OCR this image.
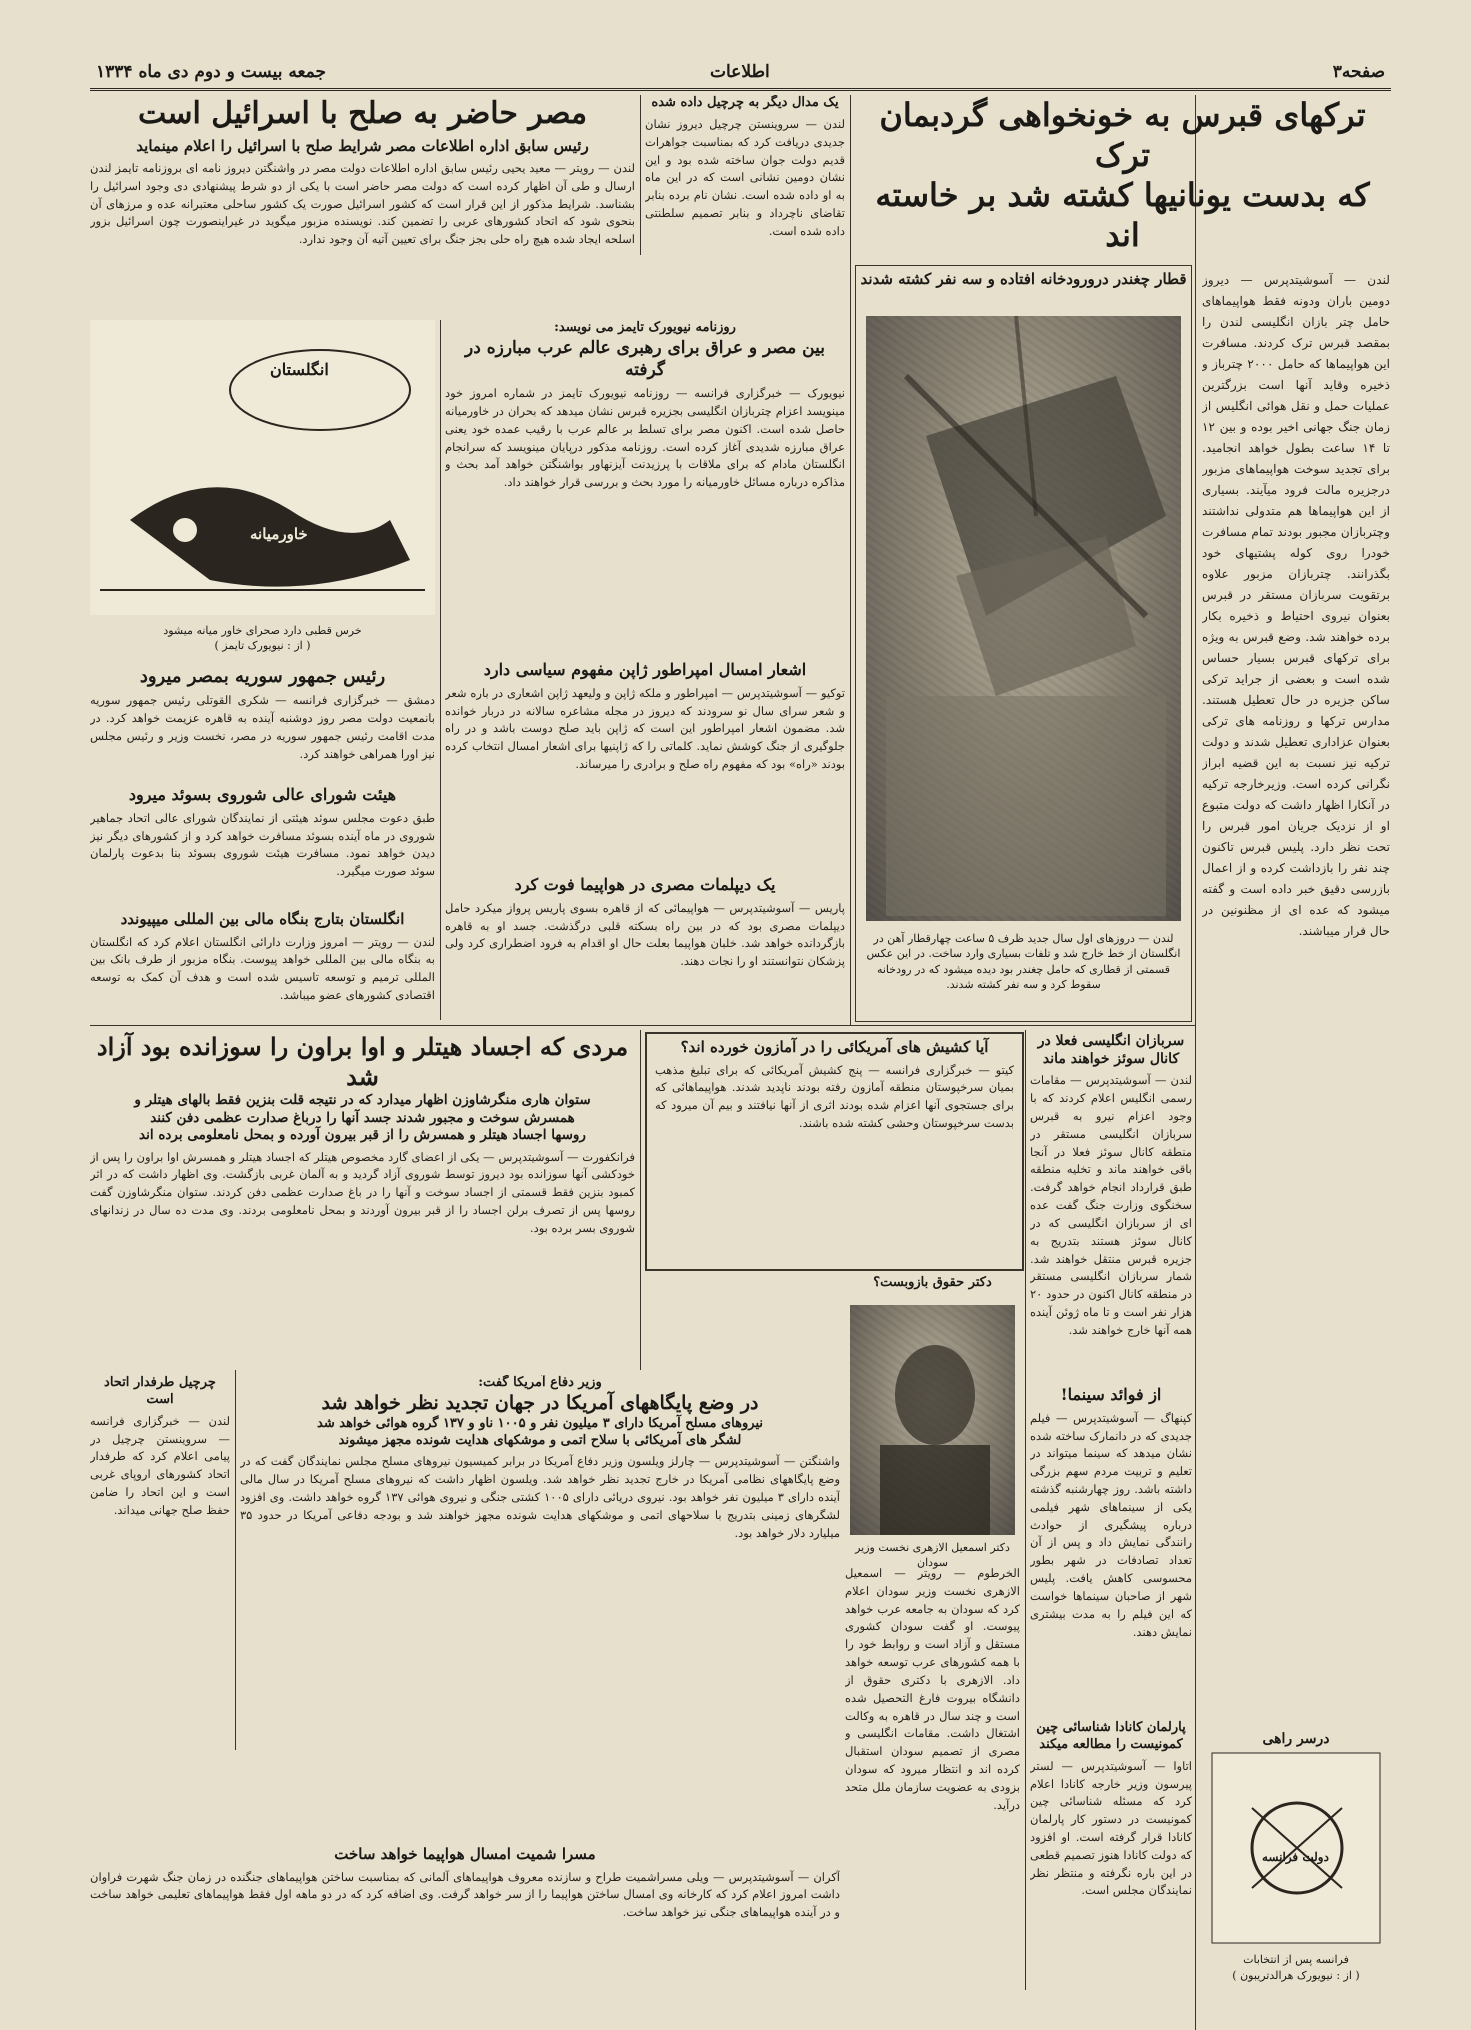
جمعه بیست و دوم دی ماه ۱۳۳۴	اطلاعات	صفحه۳
ترکهای قبرس به خونخواهی گردبمان ترک
که بدست یونانیها کشته شد بر خاسته اند
لندن — آسوشیتدپرس — دیروز دومین باران ودونه فقط هواپیماهای حامل چتر بازان انگلیسی لندن را بمقصد قبرس ترک کردند. مسافرت این هواپیماها که حامل ۲۰۰۰ چترباز و ذخیره وقاید آنها است بزرگترین عملیات حمل و نقل هوائی انگلیس از زمان جنگ جهانی اخیر بوده و بین ۱۲ تا ۱۴ ساعت بطول خواهد انجامید. برای تجدید سوخت هواپیماهای مزبور درجزیره مالت فرود میآیند. بسیاری از این هواپیماها هم متدولی نداشتند وچتربازان مجبور بودند تمام مسافرت خودرا روی کوله پشتیهای خود بگذرانند. چتربازان مزبور علاوه برتقویت سربازان مستقر در قبرس بعنوان نیروی احتیاط و ذخیره بکار برده خواهند شد. وضع قبرس به ویژه برای ترکهای قبرس بسیار حساس شده است و بعضی از جراید ترکی ساکن جزیره در حال تعطیل هستند. مدارس ترکها و روزنامه های ترکی بعنوان عزاداری تعطیل شدند و دولت ترکیه نیز نسبت به این قضیه ابراز نگرانی کرده است. وزیرخارجه ترکیه در آنکارا اظهار داشت که دولت متبوع او از نزدیک جریان امور قبرس را تحت نظر دارد. پلیس قبرس تاکنون چند نفر را بازداشت کرده و از اعمال بازرسی دقیق خبر داده است و گفته میشود که عده ای از مظنونین در حال فرار میباشند.
قطار چغندر درورودخانه افتاده و سه نفر کشته شدند
لندن — دروزهای اول سال جدید ظرف ۵ ساعت چهارقطار آهن در انگلستان از خط خارج شد و تلفات بسیاری وارد ساخت. در این عکس قسمتی از قطاری که حامل چغندر بود دیده میشود که در رودخانه سقوط کرد و سه نفر کشته شدند.
یک مدال دیگر به چرچیل داده شده
لندن — سروینستن چرچیل دیروز نشان جدیدی دریافت کرد که بمناسبت جواهرات قدیم دولت جوان ساخته شده بود و این نشان دومین نشانی است که در این ماه به او داده شده است. نشان نام برده بنابر تقاضای ناچرداد و بنابر تصمیم سلطنتی داده شده است.
مصر حاضر به صلح با اسرائیل است
رئیس سابق اداره اطلاعات مصر شرایط صلح با اسرائیل را اعلام مینماید
لندن — رویتر — معید یحیی رئیس سابق اداره اطلاعات دولت مصر در واشنگتن دیروز نامه ای بروزنامه تایمز لندن ارسال و طی آن اظهار کرده است که دولت مصر حاضر است با یکی از دو شرط پیشنهادی دی وجود اسرائیل را بشناسد. شرایط مذکور از این قرار است که کشور اسرائیل صورت یک کشور ساحلی معتبرانه عده و مرزهای آن بنحوی شود که اتحاد کشورهای عربی را تضمین کند. نویسنده مزبور میگوید در غیراینصورت چون اسرائیل بزور اسلحه ایجاد شده هیچ راه حلی بجز جنگ برای تعیین آتیه آن وجود ندارد.
انگلستان
خاورمیانه
خرس قطبی دارد صحرای خاور میانه میشود
( از : نیویورک تایمز )
روزنامه نیویورک تایمز می نویسد:
بین مصر و عراق برای رهبری عالم عرب مبارزه در گرفته
نیویورک — خبرگزاری فرانسه — روزنامه نیویورک تایمز در شماره امروز خود مینویسد اعزام چتربازان انگلیسی بجزیره قبرس نشان میدهد که بحران در خاورمیانه حاصل شده است. اکنون مصر برای تسلط بر عالم عرب با رقیب عمده خود یعنی عراق مبارزه شدیدی آغاز کرده است. روزنامه مذکور درپایان مینویسد که سرانجام انگلستان مادام که برای ملاقات با پرزیدنت آیزنهاور بواشنگتن خواهد آمد بحث و مذاکره درباره مسائل خاورمیانه را مورد بحث و بررسی قرار خواهند داد.
اشعار امسال امپراطور ژاپن مفهوم سیاسی دارد
توکیو — آسوشیتدپرس — امپراطور و ملکه ژاپن و ولیعهد ژاپن اشعاری در باره شعر و شعر سرای سال نو سرودند که دیروز در مجله مشاعره سالانه در دربار خوانده شد. مضمون اشعار امپراطور این است که ژاپن باید صلح دوست باشد و در راه جلوگیری از جنگ کوشش نماید. کلماتی را که ژاپنیها برای اشعار امسال انتخاب کرده بودند «راه» بود که مفهوم راه صلح و برادری را میرساند.
یک دیپلمات مصری در هواپیما فوت کرد
پاریس — آسوشیتدپرس — هواپیمائی که از قاهره بسوی پاریس پرواز میکرد حامل دیپلمات مصری بود که در بین راه بسکته قلبی درگذشت. جسد او به قاهره بازگردانده خواهد شد. خلبان هواپیما بعلت حال او اقدام به فرود اضطراری کرد ولی پزشکان نتوانستند او را نجات دهند.
رئیس جمهور سوریه بمصر میرود
دمشق — خبرگزاری فرانسه — شکری القوتلی رئیس جمهور سوریه بانمعیت دولت مصر روز دوشنبه آینده به قاهره عزیمت خواهد کرد. در مدت اقامت رئیس جمهور سوریه در مصر، نخست وزیر و رئیس مجلس نیز اورا همراهی خواهند کرد.
هیئت شورای عالی شوروی بسوئد میرود
طبق دعوت مجلس سوئد هیئتی از نمایندگان شورای عالی اتحاد جماهیر شوروی در ماه آینده بسوئد مسافرت خواهد کرد و از کشورهای دیگر نیز دیدن خواهد نمود. مسافرت هیئت شوروی بسوئد بنا بدعوت پارلمان سوئد صورت میگیرد.
انگلستان بتارج بنگاه مالی بین المللی میپیوندد
لندن — رویتر — امروز وزارت دارائی انگلستان اعلام کرد که انگلستان به بنگاه مالی بین المللی خواهد پیوست. بنگاه مزبور از طرف بانک بین المللی ترمیم و توسعه تاسیس شده است و هدف آن کمک به توسعه اقتصادی کشورهای عضو میباشد.
مردی که اجساد هیتلر و اوا براون را سوزانده بود آزاد شد
ستوان هاری منگرشاوزن اظهار میدارد که در نتیجه قلت بنزین فقط بالهای هیتلر و
همسرش سوخت و مجبور شدند جسد آنها را درباغ صدارت عظمی دفن کنند
روسها اجساد هیتلر و همسرش را از قبر بیرون آورده و بمحل نامعلومی برده اند
فرانکفورت — آسوشیتدپرس — یکی از اعضای گارد مخصوص هیتلر که اجساد هیتلر و همسرش اوا براون را پس از خودکشی آنها سوزانده بود دیروز توسط شوروی آزاد گردید و به آلمان غربی بازگشت. وی اظهار داشت که در اثر کمبود بنزین فقط قسمتی از اجساد سوخت و آنها را در باغ صدارت عظمی دفن کردند. ستوان منگرشاوزن گفت روسها پس از تصرف برلن اجساد را از قبر بیرون آوردند و بمحل نامعلومی بردند. وی مدت ده سال در زندانهای شوروی بسر برده بود.
آیا کشیش های آمریکائی را در آمازون خورده اند؟
کیتو — خبرگزاری فرانسه — پنج کشیش آمریکائی که برای تبلیغ مذهب بمیان سرخپوستان منطقه آمازون رفته بودند ناپدید شدند. هواپیماهائی که برای جستجوی آنها اعزام شده بودند اثری از آنها نیافتند و بیم آن میرود که بدست سرخپوستان وحشی کشته شده باشند.
سربازان انگلیسی فعلا در کانال سوئز خواهند ماند
لندن — آسوشیتدپرس — مقامات رسمی انگلیس اعلام کردند که با وجود اعزام نیرو به قبرس سربازان انگلیسی مستقر در منطقه کانال سوئز فعلا در آنجا باقی خواهند ماند و تخلیه منطقه طبق قرارداد انجام خواهد گرفت. سخنگوی وزارت جنگ گفت عده ای از سربازان انگلیسی که در کانال سوئز هستند بتدریج به جزیره قبرس منتقل خواهند شد. شمار سربازان انگلیسی مستقر در منطقه کانال اکنون در حدود ۲۰ هزار نفر است و تا ماه ژوئن آینده همه آنها خارج خواهند شد.
وزیر دفاع آمریکا گفت:
در وضع پایگاههای آمریکا در جهان تجدید نظر خواهد شد
نیروهای مسلح آمریکا دارای ۳ میلیون نفر و ۱۰۰۵ ناو و ۱۳۷ گروه هوائی خواهد شد
لشگر های آمریکائی با سلاح اتمی و موشکهای هدایت شونده مجهز میشوند
واشنگتن — آسوشیتدپرس — چارلز ویلسون وزیر دفاع آمریکا در برابر کمیسیون نیروهای مسلح مجلس نمایندگان گفت که در وضع پایگاههای نظامی آمریکا در خارج تجدید نظر خواهد شد. ویلسون اظهار داشت که نیروهای مسلح آمریکا در سال مالی آینده دارای ۳ میلیون نفر خواهد بود. نیروی دریائی دارای ۱۰۰۵ کشتی جنگی و نیروی هوائی ۱۳۷ گروه خواهد داشت. وی افزود لشگرهای زمینی بتدریج با سلاحهای اتمی و موشکهای هدایت شونده مجهز خواهند شد و بودجه دفاعی آمریکا در حدود ۳۵ میلیارد دلار خواهد بود.
چرچیل طرفدار اتحاد است
لندن — خبرگزاری فرانسه — سروینستن چرچیل در پیامی اعلام کرد که طرفدار اتحاد کشورهای اروپای غربی است و این اتحاد را ضامن حفظ صلح جهانی میداند.
مسرا شمیت امسال هواپیما خواهد ساخت
آکران — آسوشیتدپرس — ویلی مسراشمیت طراح و سازنده معروف هواپیماهای آلمانی که بمناسبت ساختن هواپیماهای جنگنده در زمان جنگ شهرت فراوان داشت امروز اعلام کرد که کارخانه وی امسال ساختن هواپیما را از سر خواهد گرفت. وی اضافه کرد که در دو ماهه اول فقط هواپیماهای تعلیمی خواهد ساخت و در آینده هواپیماهای جنگی نیز خواهد ساخت.
دکتر حقوق بازوبست؟
دکتر اسمعیل الازهری نخست وزیر سودان
الخرطوم — رویتر — اسمعیل الازهری نخست وزیر سودان اعلام کرد که سودان به جامعه عرب خواهد پیوست. او گفت سودان کشوری مستقل و آزاد است و روابط خود را با همه کشورهای عرب توسعه خواهد داد. الازهری با دکتری حقوق از دانشگاه بیروت فارغ التحصیل شده است و چند سال در قاهره به وکالت اشتغال داشت. مقامات انگلیسی و مصری از تصمیم سودان استقبال کرده اند و انتظار میرود که سودان بزودی به عضویت سازمان ملل متحد درآید.
از فوائد سینما!
کپنهاگ — آسوشیتدپرس — فیلم جدیدی که در دانمارک ساخته شده نشان میدهد که سینما میتواند در تعلیم و تربیت مردم سهم بزرگی داشته باشد. روز چهارشنبه گذشته یکی از سینماهای شهر فیلمی درباره پیشگیری از حوادث رانندگی نمایش داد و پس از آن تعداد تصادفات در شهر بطور محسوسی کاهش یافت. پلیس شهر از صاحبان سینماها خواست که این فیلم را به مدت بیشتری نمایش دهند.
پارلمان کانادا شناسائی چین کمونیست را مطالعه میکند
اتاوا — آسوشیتدپرس — لستر پیرسون وزیر خارجه کانادا اعلام کرد که مسئله شناسائی چین کمونیست در دستور کار پارلمان کانادا قرار گرفته است. او افزود که دولت کانادا هنوز تصمیم قطعی در این باره نگرفته و منتظر نظر نمایندگان مجلس است.
درسر راهی
دولت فرانسه
فرانسه پس از انتخابات
( از : نیویورک هرالدتریبون )
